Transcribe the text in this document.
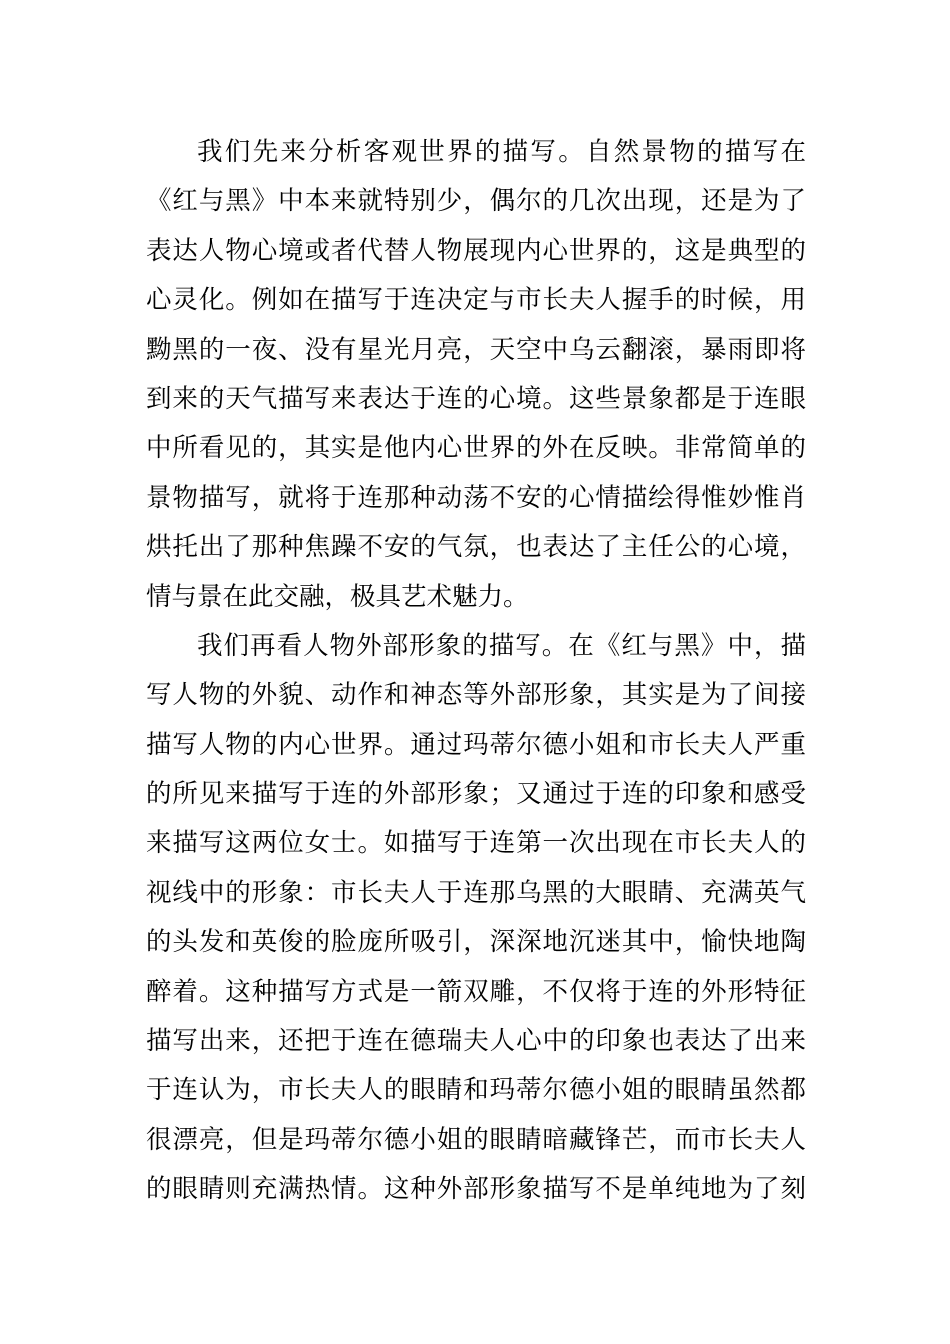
我们先来分析客观世界的描写。自然景物的描写在
《红与黑》中本来就特别少，偶尔的几次出现，还是为了
表达人物心境或者代替人物展现内心世界的，这是典型的
心灵化。例如在描写于连决定与市长夫人握手的时候，用
黝黑的一夜、没有星光月亮，天空中乌云翻滚，暴雨即将
到来的天气描写来表达于连的心境。这些景象都是于连眼
中所看见的，其实是他内心世界的外在反映。非常简单的
景物描写，就将于连那种动荡不安的心情描绘得惟妙惟肖
烘托出了那种焦躁不安的气氛，也表达了主任公的心境，
情与景在此交融，极具艺术魅力。
我们再看人物外部形象的描写。在《红与黑》中，描
写人物的外貌、动作和神态等外部形象，其实是为了间接
描写人物的内心世界。通过玛蒂尔德小姐和市长夫人严重
的所见来描写于连的外部形象；又通过于连的印象和感受
来描写这两位女士。如描写于连第一次出现在市长夫人的
视线中的形象：市长夫人于连那乌黑的大眼睛、充满英气
的头发和英俊的脸庞所吸引，深深地沉迷其中，愉快地陶
醉着。这种描写方式是一箭双雕，不仅将于连的外形特征
描写出来，还把于连在德瑞夫人心中的印象也表达了出来
于连认为，市长夫人的眼睛和玛蒂尔德小姐的眼睛虽然都
很漂亮，但是玛蒂尔德小姐的眼睛暗藏锋芒，而市长夫人
的眼睛则充满热情。这种外部形象描写不是单纯地为了刻
